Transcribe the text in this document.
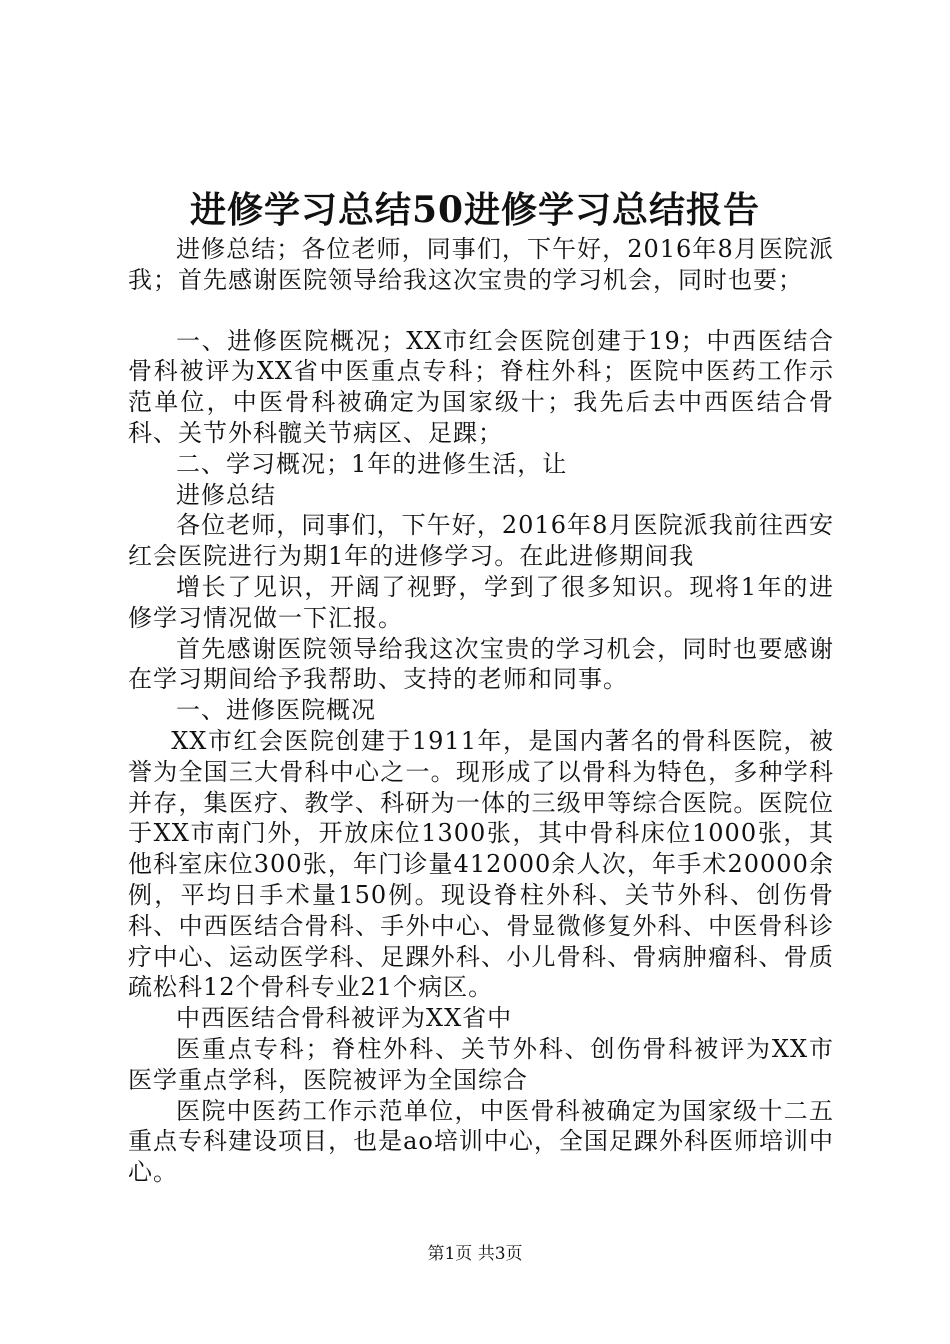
进修学习总结50进修学习总结报告

进修总结；各位老师，同事们，下午好，2016年8月医院派我；首先感谢医院领导给我这次宝贵的学习机会，同时也要；

一、进修医院概况；XX市红会医院创建于19；中西医结合骨科被评为XX省中医重点专科；脊柱外科；医院中医药工作示范单位，中医骨科被确定为国家级十；我先后去中西医结合骨科、关节外科髋关节病区、足踝；

二、学习概况；1年的进修生活，让

进修总结

各位老师，同事们，下午好，2016年8月医院派我前往西安红会医院进行为期1年的进修学习。在此进修期间我

增长了见识，开阔了视野，学到了很多知识。现将1年的进修学习情况做一下汇报。

首先感谢医院领导给我这次宝贵的学习机会，同时也要感谢在学习期间给予我帮助、支持的老师和同事。

一、进修医院概况

XX市红会医院创建于1911年，是国内著名的骨科医院，被誉为全国三大骨科中心之一。现形成了以骨科为特色，多种学科并存，集医疗、教学、科研为一体的三级甲等综合医院。医院位于XX市南门外，开放床位1300张，其中骨科床位1000张，其他科室床位300张，年门诊量412000余人次，年手术20000余例，平均日手术量150例。现设脊柱外科、关节外科、创伤骨科、中西医结合骨科、手外中心、骨显微修复外科、中医骨科诊疗中心、运动医学科、足踝外科、小儿骨科、骨病肿瘤科、骨质疏松科12个骨科专业21个病区。

中西医结合骨科被评为XX省中

医重点专科；脊柱外科、关节外科、创伤骨科被评为XX市医学重点学科，医院被评为全国综合

医院中医药工作示范单位，中医骨科被确定为国家级十二五重点专科建设项目，也是ao培训中心，全国足踝外科医师培训中心。

第1页 共3页
